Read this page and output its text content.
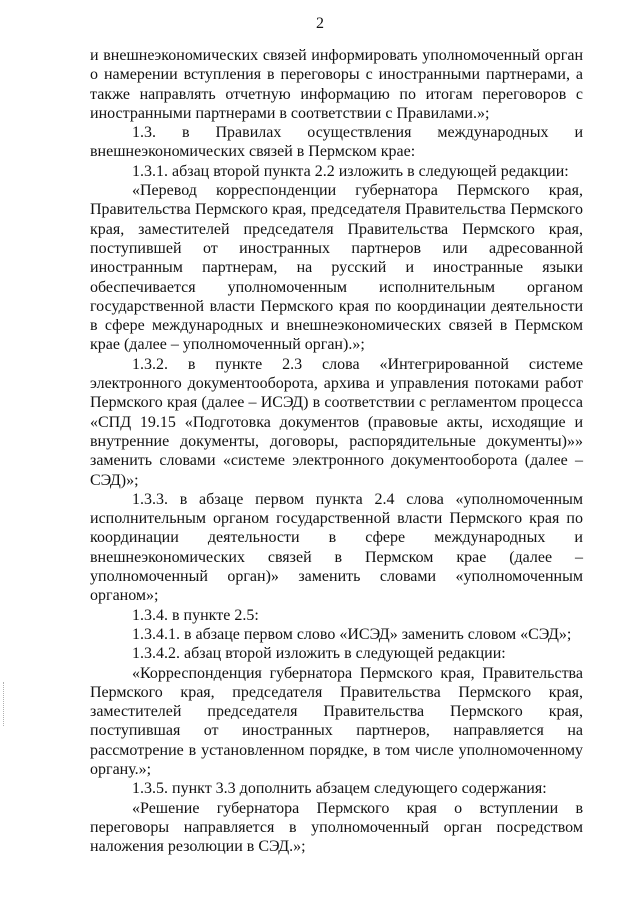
2

и внешнеэкономических связей информировать уполномоченный орган о намерении вступления в переговоры с иностранными партнерами, а также направлять отчетную информацию по итогам переговоров с иностранными партнерами в соответствии с Правилами.»;

1.3. в Правилах осуществления международных и внешнеэкономических связей в Пермском крае:

1.3.1. абзац второй пункта 2.2 изложить в следующей редакции:

«Перевод корреспонденции губернатора Пермского края, Правительства Пермского края, председателя Правительства Пермского края, заместителей председателя Правительства Пермского края, поступившей от иностранных партнеров или адресованной иностранным партнерам, на русский и иностранные языки обеспечивается уполномоченным исполнительным органом государственной власти Пермского края по координации деятельности в сфере международных и внешнеэкономических связей в Пермском крае (далее – уполномоченный орган).»;

1.3.2. в пункте 2.3 слова «Интегрированной системе электронного документооборота, архива и управления потоками работ Пермского края (далее – ИСЭД) в соответствии с регламентом процесса «СПД 19.15 «Подготовка документов (правовые акты, исходящие и внутренние документы, договоры, распорядительные документы)»» заменить словами «системе электронного документооборота (далее – СЭД)»;

1.3.3. в абзаце первом пункта 2.4 слова «уполномоченным исполнительным органом государственной власти Пермского края по координации деятельности в сфере международных и внешнеэкономических связей в Пермском крае (далее – уполномоченный орган)» заменить словами «уполномоченным органом»;

1.3.4. в пункте 2.5:

1.3.4.1. в абзаце первом слово «ИСЭД» заменить словом «СЭД»;

1.3.4.2. абзац второй изложить в следующей редакции:

«Корреспонденция губернатора Пермского края, Правительства Пермского края, председателя Правительства Пермского края, заместителей председателя Правительства Пермского края, поступившая от иностранных партнеров, направляется на рассмотрение в установленном порядке, в том числе уполномоченному органу.»;

1.3.5. пункт 3.3 дополнить абзацем следующего содержания:

«Решение губернатора Пермского края о вступлении в переговоры направляется в уполномоченный орган посредством наложения резолюции в СЭД.»;
